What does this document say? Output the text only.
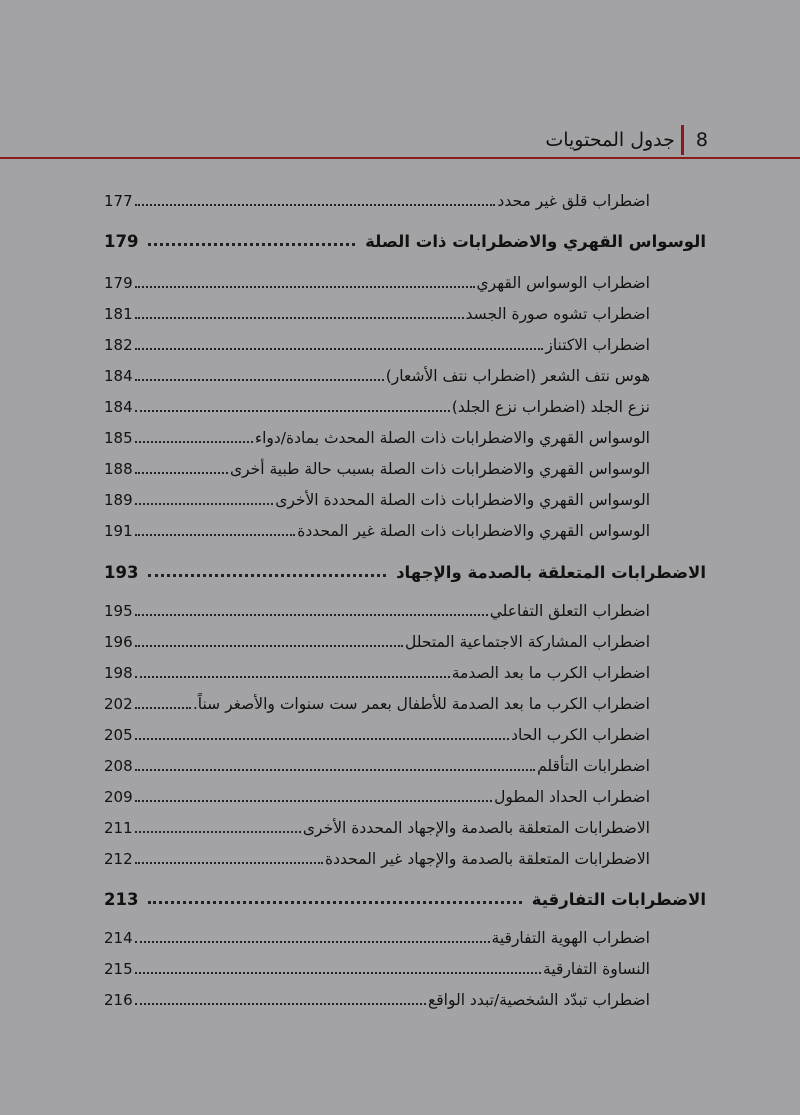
8
جدول المحتويات
177	اضطراب قلق غير محدد
179	الوسواس القهري والاضطرابات ذات الصلة
179	اضطراب الوسواس القهري
181	اضطراب تشوه صورة الجسد
182	اضطراب الاكتناز
184	هوس نتف الشعر (اضطراب نتف الأشعار)
184	نزع الجلد (اضطراب نزع الجلد)
185	الوسواس القهري والاضطرابات ذات الصلة المحدث بمادة/دواء
188	الوسواس القهري والاضطرابات ذات الصلة بسبب حالة طبية أخرى
189	الوسواس القهري والاضطرابات ذات الصلة المحددة الأخرى
191	الوسواس القهري والاضطرابات ذات الصلة غير المحددة
193	الاضطرابات المتعلقة بالصدمة والإجهاد
195	اضطراب التعلق التفاعلي
196	اضطراب المشاركة الاجتماعية المتحلل
198	اضطراب الكرب ما بعد الصدمة
202	اضطراب الكرب ما بعد الصدمة للأطفال بعمر ست سنوات والأصغر سناً.
205	اضطراب الكرب الحاد
208	اضطرابات التأقلم
209	اضطراب الحداد المطول
211	الاضطرابات المتعلقة بالصدمة والإجهاد المحددة الأخرى
212	الاضطرابات المتعلقة بالصدمة والإجهاد غير المحددة
213	الاضطرابات التفارقية
214	اضطراب الهوية التفارقية
215	النساوة التفارقية
216	اضطراب تبدّد الشخصية/تبدد الواقع
